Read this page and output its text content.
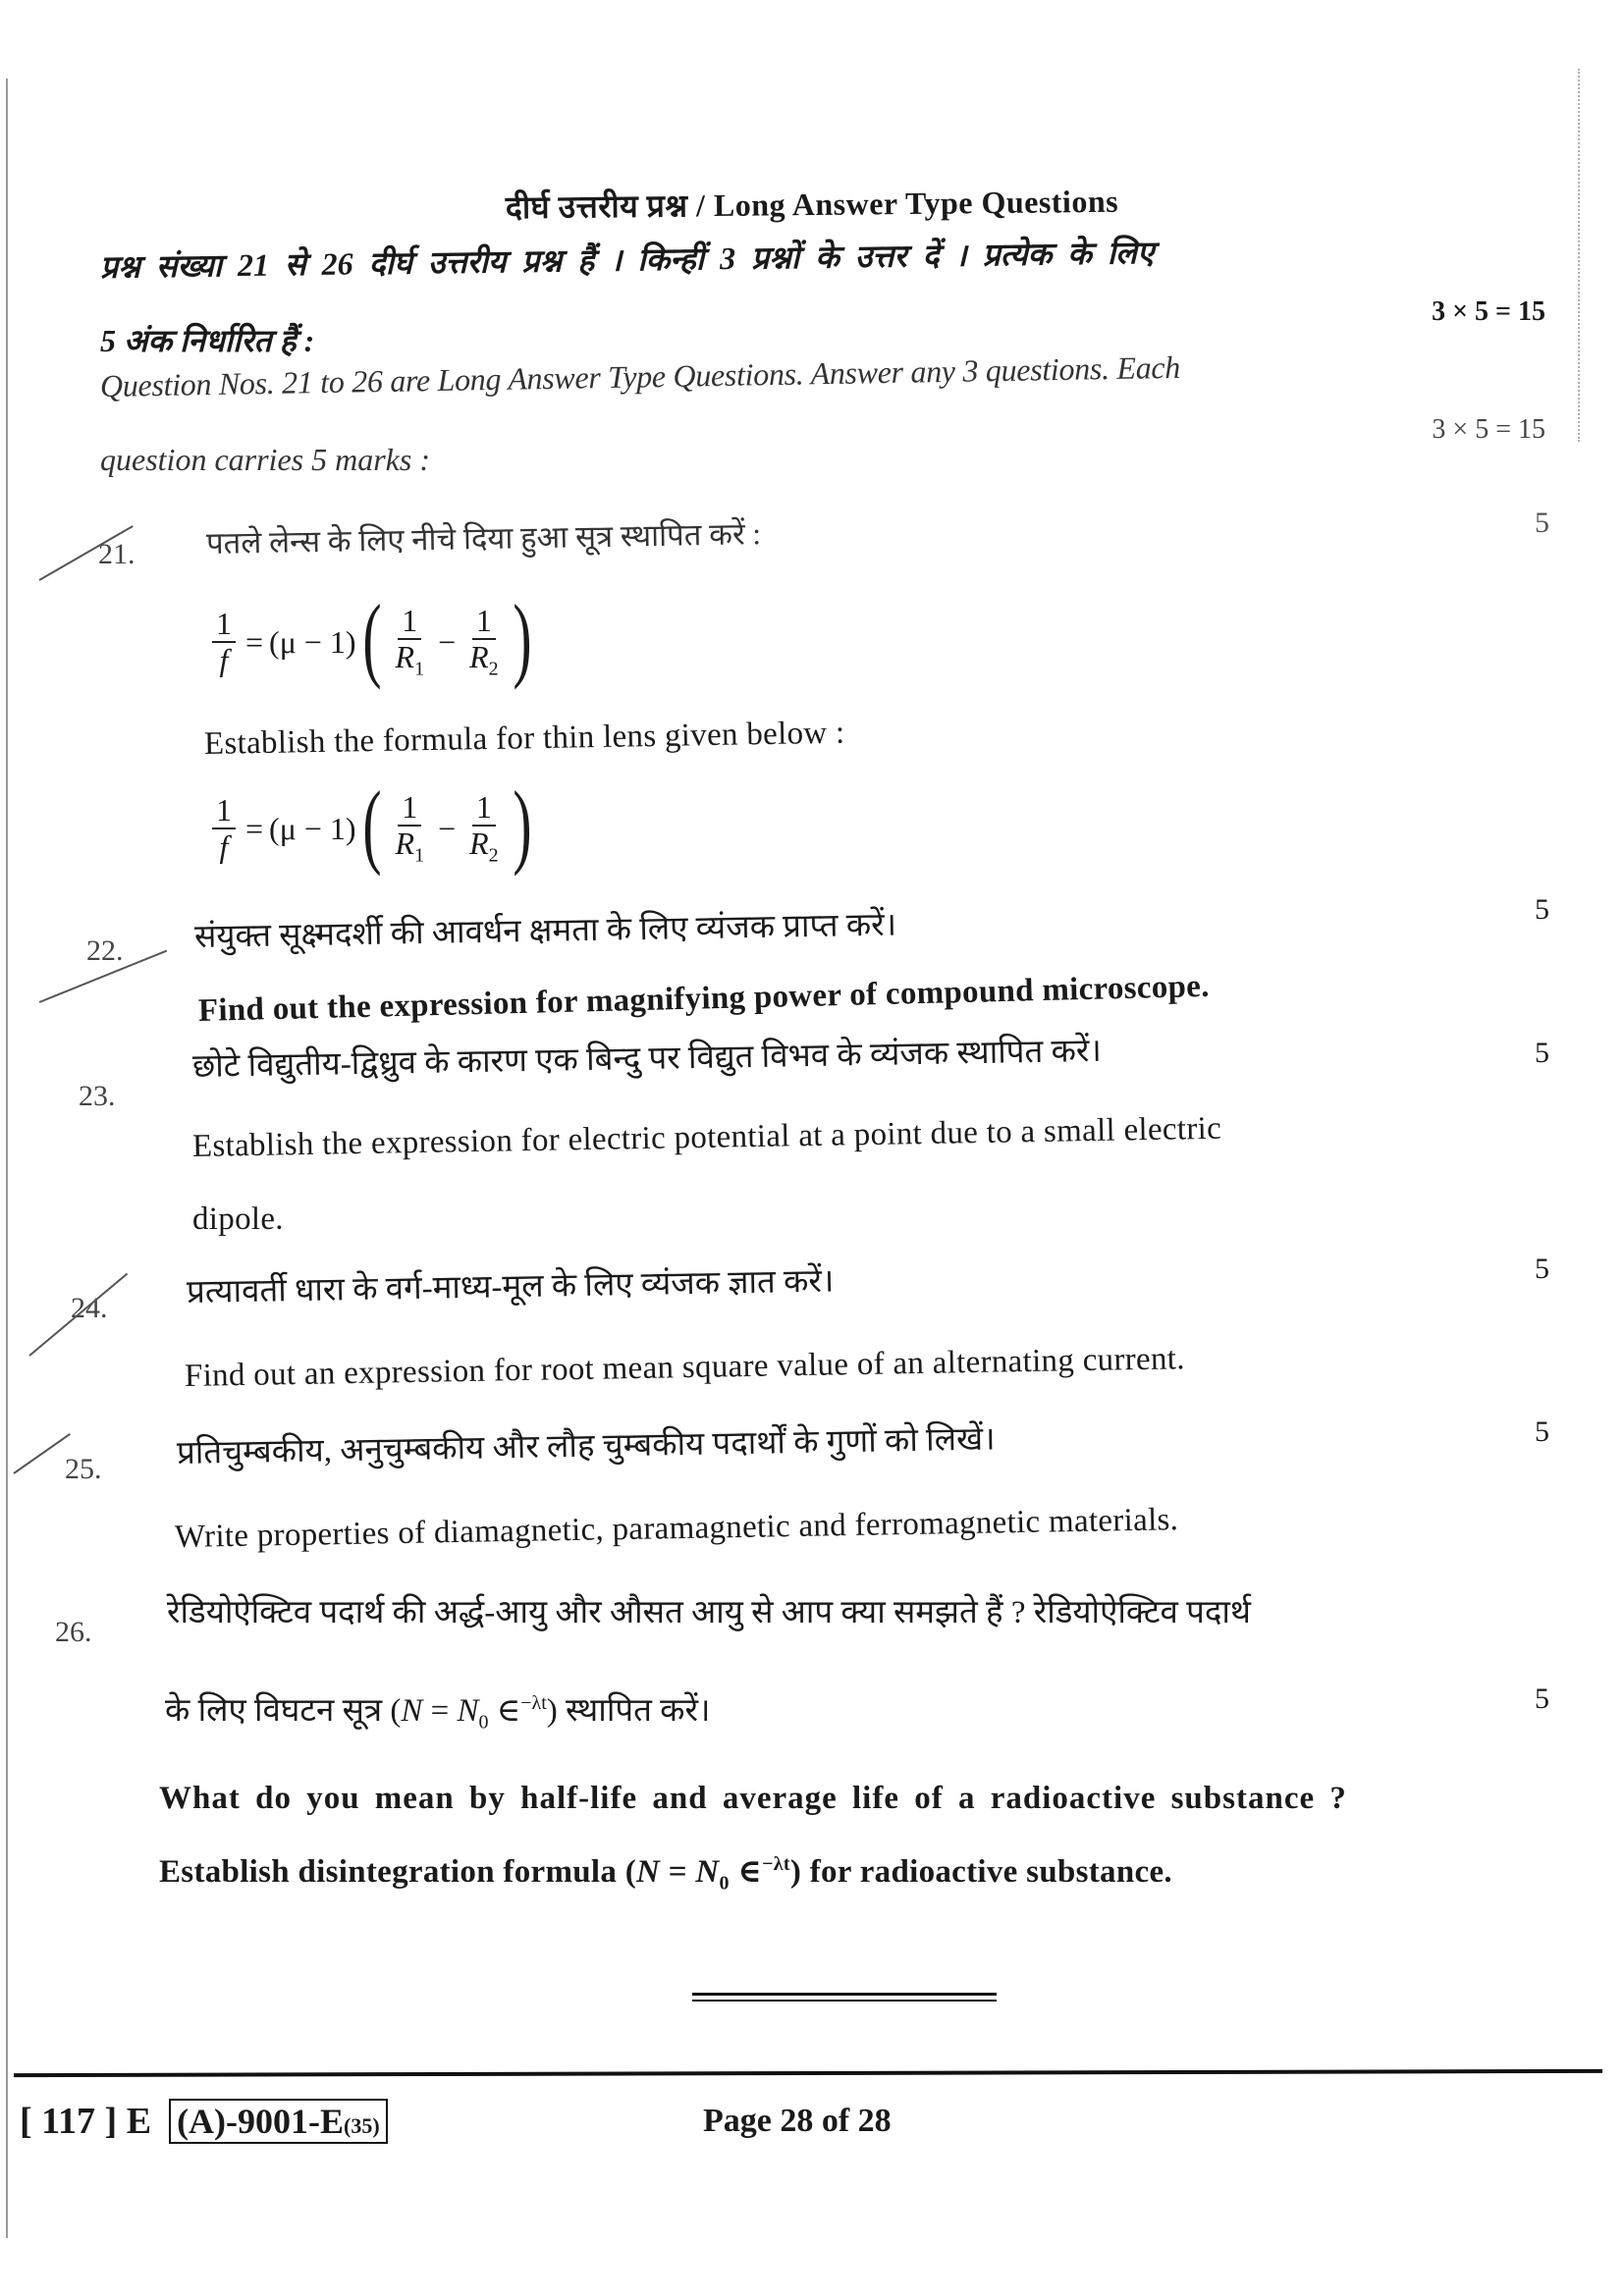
दीर्घ उत्तरीय प्रश्न / Long Answer Type Questions
प्रश्न संख्या 21 से 26 दीर्घ उत्तरीय प्रश्न हैं । किन्हीं 3 प्रश्नों के उत्तर दें । प्रत्येक के लिए
3 × 5 = 15
5 अंक निर्धारित हैं :
Question Nos. 21 to 26 are Long Answer Type Questions. Answer any 3 questions. Each
3 × 5 = 15
question carries 5 marks :
21.
5
पतले लेन्स के लिए नीचे दिया हुआ सूत्र स्थापित करें :
$\frac{1}{f} = (\mu - 1)$ ( $\frac{1}{R_1} - \frac{1}{R_2}$ )
Establish the formula for thin lens given below :
$\frac{1}{f} = (\mu - 1)$ ( $\frac{1}{R_1} - \frac{1}{R_2}$ )
22.
5
संयुक्त सूक्ष्मदर्शी की आवर्धन क्षमता के लिए व्यंजक प्राप्त करें।
Find out the expression for magnifying power of compound microscope.
23.
5
छोटे विद्युतीय-द्विध्रुव के कारण एक बिन्दु पर विद्युत विभव के व्यंजक स्थापित करें।
Establish the expression for electric potential at a point due to a small electric
dipole.
24.
5
प्रत्यावर्ती धारा के वर्ग-माध्य-मूल के लिए व्यंजक ज्ञात करें।
Find out an expression for root mean square value of an alternating current.
25.
5
प्रतिचुम्बकीय, अनुचुम्बकीय और लौह चुम्बकीय पदार्थों के गुणों को लिखें।
Write properties of diamagnetic, paramagnetic and ferromagnetic materials.
26.
रेडियोऐक्टिव पदार्थ की अर्द्ध-आयु और औसत आयु से आप क्या समझते हैं ? रेडियोऐक्टिव पदार्थ
5
के लिए विघटन सूत्र ($N = N_0$ ∈$^{-\lambda t}$) स्थापित करें।
What do you mean by half-life and average life of a radioactive substance ?
Establish disintegration formula ($N = N_0$ ∈$^{-\lambda t}$) for radioactive substance.
[ 117 ] E (A)-9001-E(35)	Page 28 of 28
